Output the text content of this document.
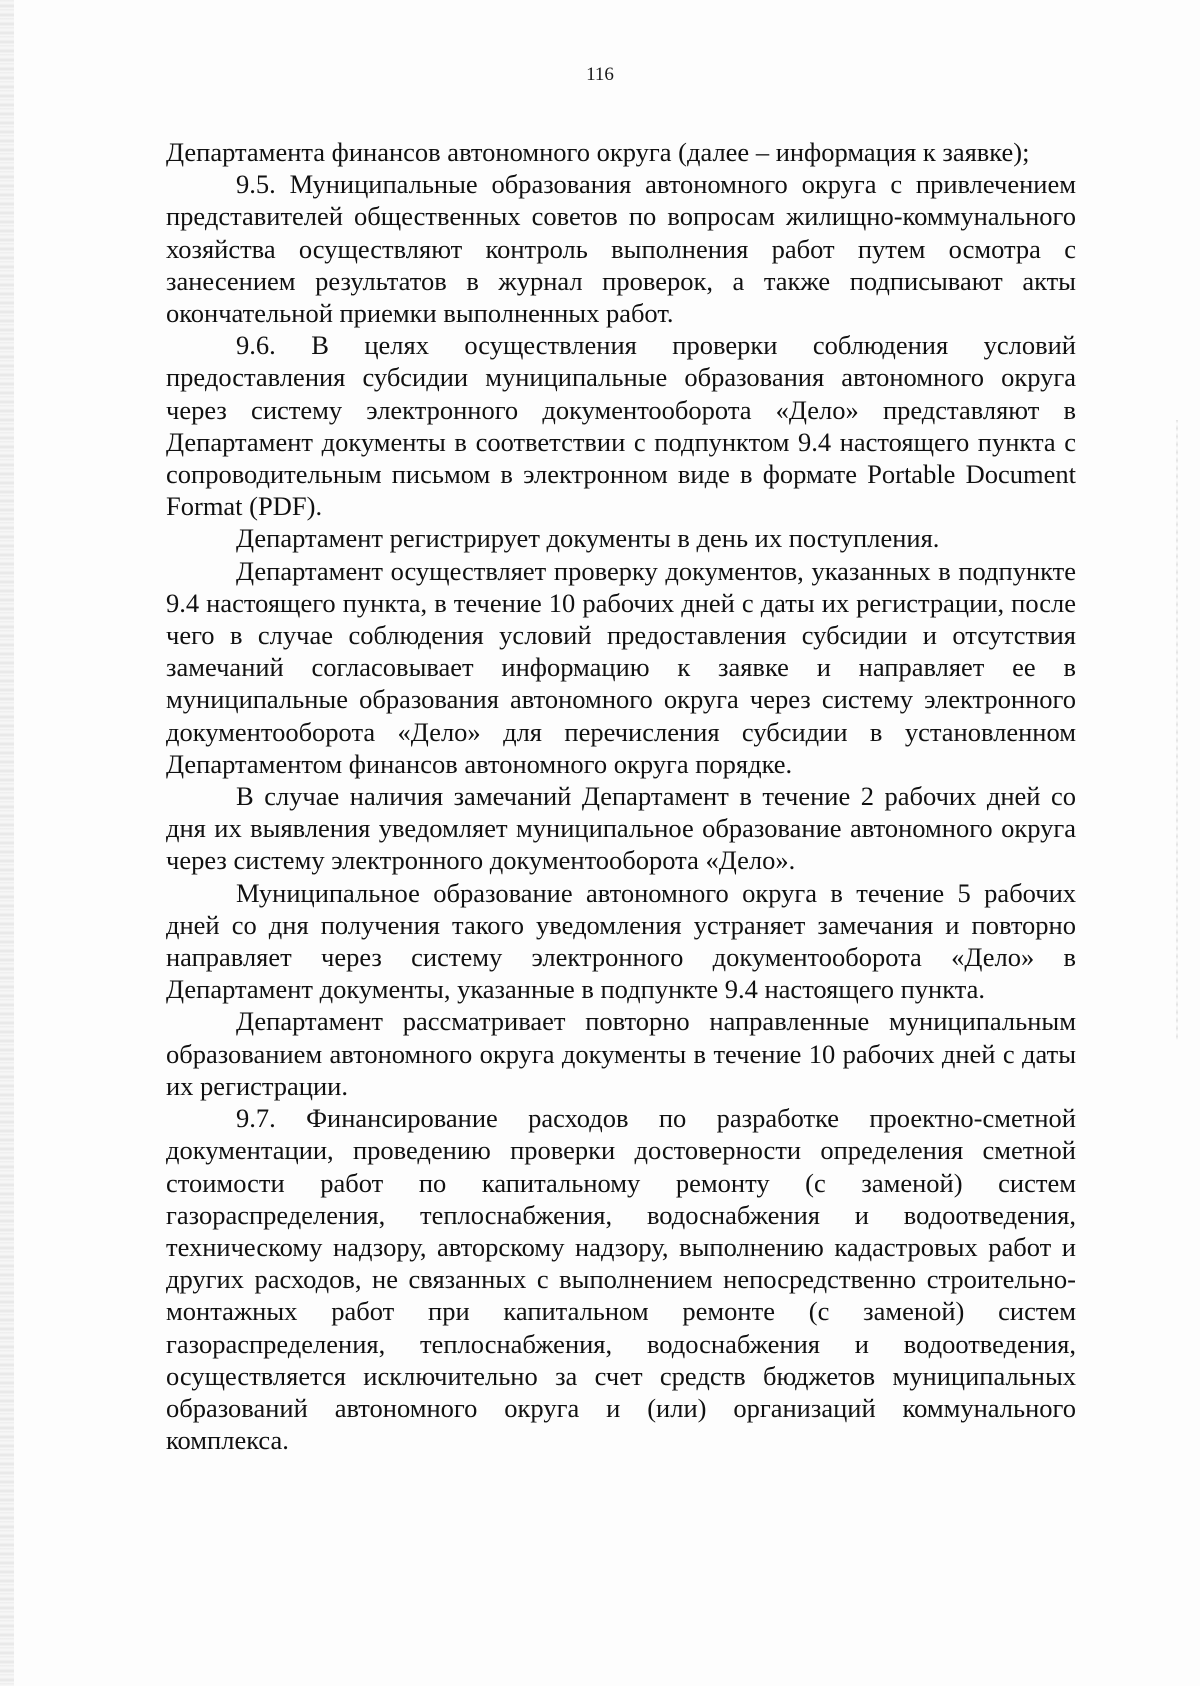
116

Департамента финансов автономного округа (далее – информация к заявке);

9.5. Муниципальные образования автономного округа с привлечением представителей общественных советов по вопросам жилищно-коммунального хозяйства осуществляют контроль выполнения работ путем осмотра с занесением результатов в журнал проверок, а также подписывают акты окончательной приемки выполненных работ.

9.6. В целях осуществления проверки соблюдения условий предоставления субсидии муниципальные образования автономного округа через систему электронного документооборота «Дело» представляют в Департамент документы в соответствии с подпунктом 9.4 настоящего пункта с сопроводительным письмом в электронном виде в формате Portable Document Format (PDF).

Департамент регистрирует документы в день их поступления.

Департамент осуществляет проверку документов, указанных в подпункте 9.4 настоящего пункта, в течение 10 рабочих дней с даты их регистрации, после чего в случае соблюдения условий предоставления субсидии и отсутствия замечаний согласовывает информацию к заявке и направляет ее в муниципальные образования автономного округа через систему электронного документооборота «Дело» для перечисления субсидии в установленном Департаментом финансов автономного округа порядке.

В случае наличия замечаний Департамент в течение 2 рабочих дней со дня их выявления уведомляет муниципальное образование автономного округа через систему электронного документооборота «Дело».

Муниципальное образование автономного округа в течение 5 рабочих дней со дня получения такого уведомления устраняет замечания и повторно направляет через систему электронного документооборота «Дело» в Департамент документы, указанные в подпункте 9.4 настоящего пункта.

Департамент рассматривает повторно направленные муниципальным образованием автономного округа документы в течение 10 рабочих дней с даты их регистрации.

9.7. Финансирование расходов по разработке проектно-сметной документации, проведению проверки достоверности определения сметной стоимости работ по капитальному ремонту (с заменой) систем газораспределения, теплоснабжения, водоснабжения и водоотведения, техническому надзору, авторскому надзору, выполнению кадастровых работ и других расходов, не связанных с выполнением непосредственно строительно-монтажных работ при капитальном ремонте (с заменой) систем газораспределения, теплоснабжения, водоснабжения и водоотведения, осуществляется исключительно за счет средств бюджетов муниципальных образований автономного округа и (или) организаций коммунального комплекса.
